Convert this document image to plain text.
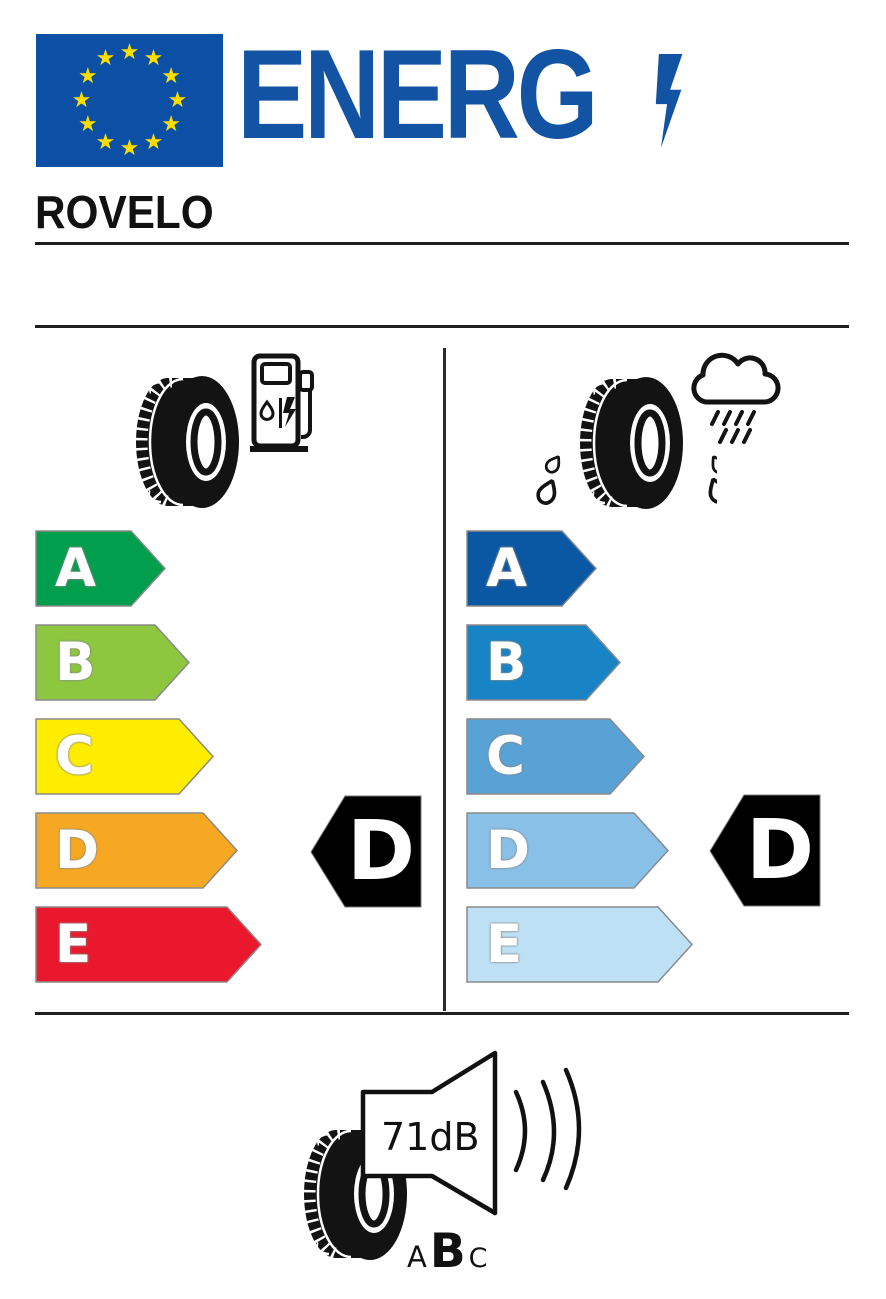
★ ★
★
★
★
★
★
★
★
★
★
★ ENERG
ROVELO
A
B
C
D
E
D
A
B
C
D
E
D
71dB
A B C
